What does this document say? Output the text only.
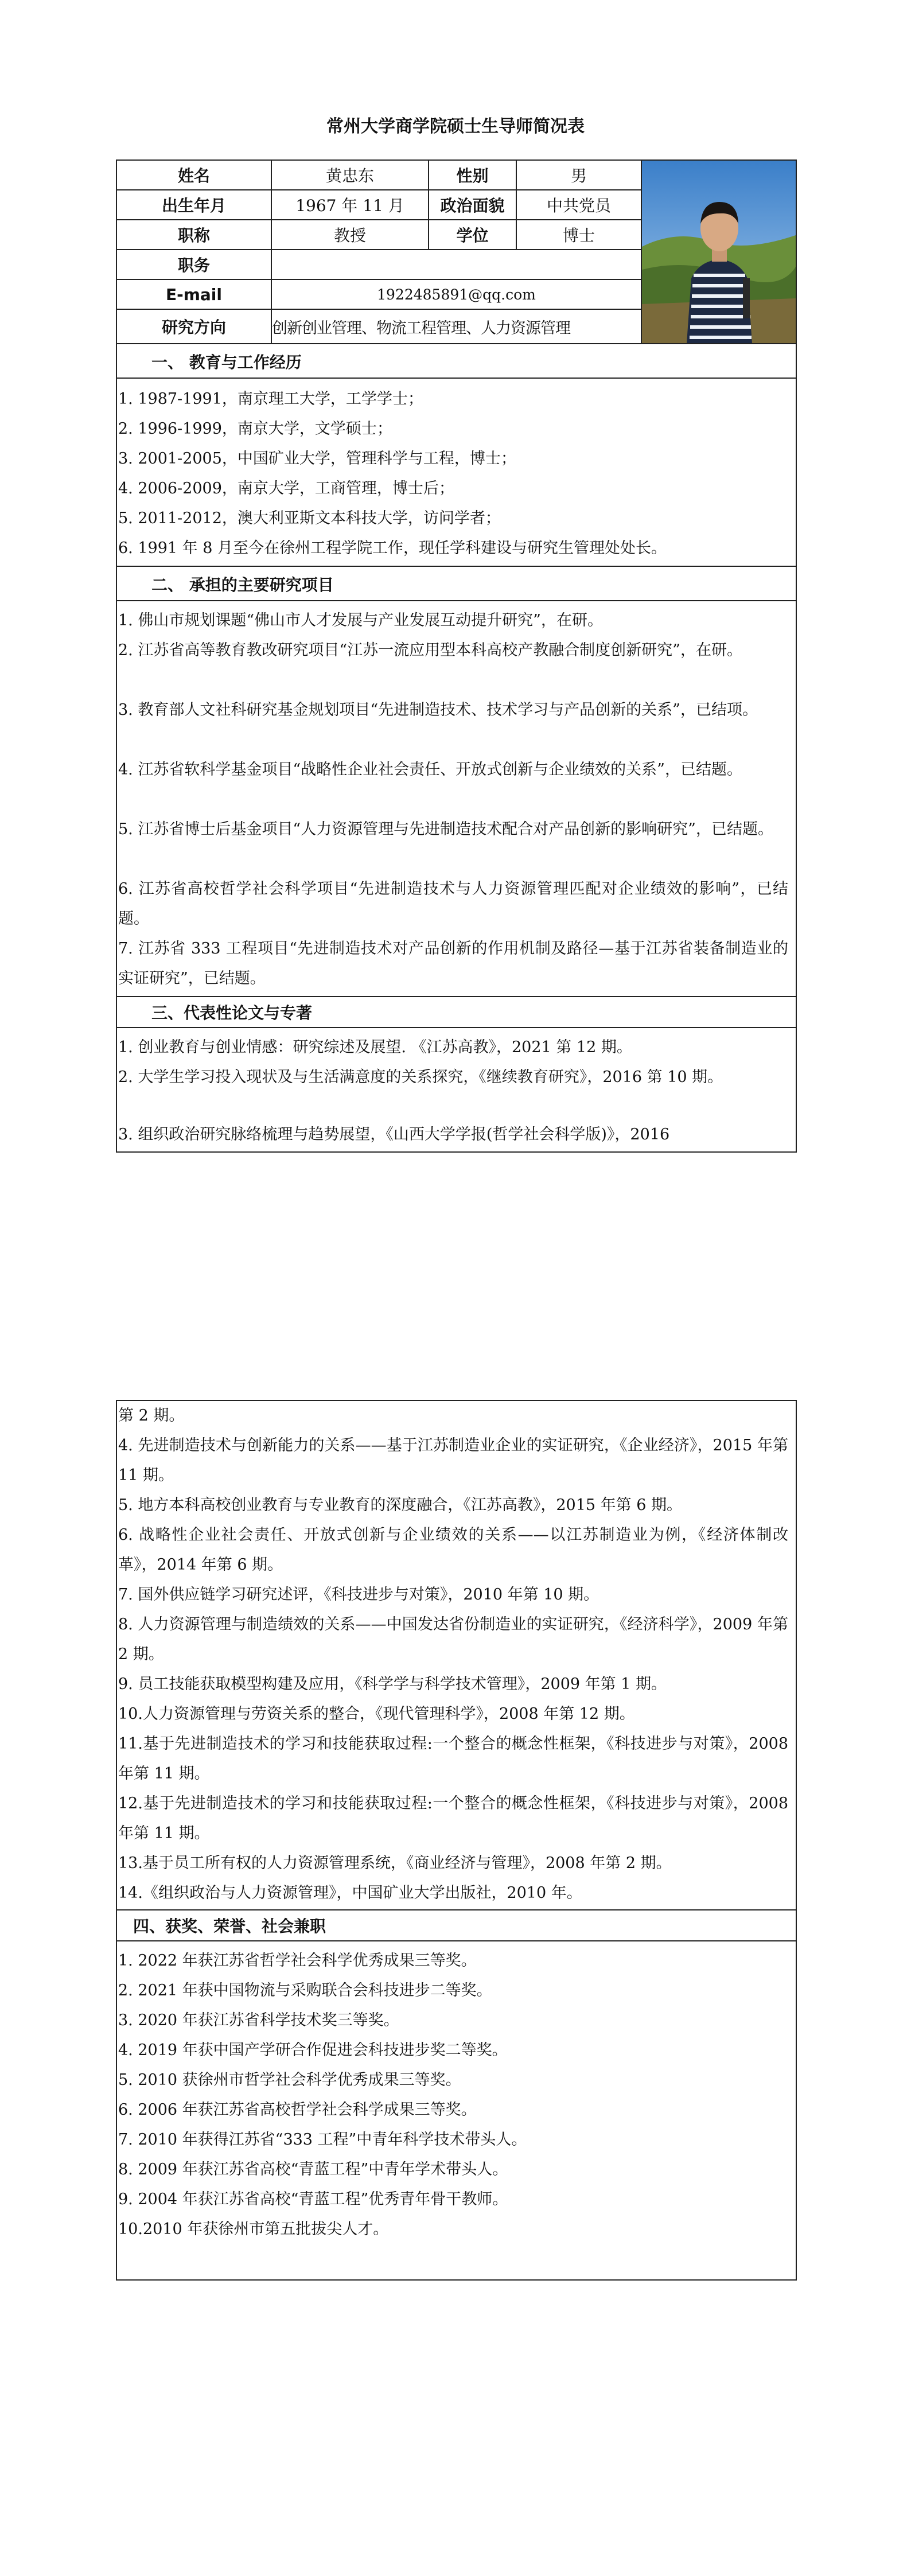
常州大学商学院硕士生导师简况表
姓名	黄忠东	性别	男
出生年月	1967 年 11 月	政治面貌	中共党员
职称	教授	学位	博士
职务
E-mail	1922485891@qq.com
研究方向	创新创业管理、物流工程管理、人力资源管理
一、 教育与工作经历
1. 1987-1991，南京理工大学，工学学士；
2. 1996-1999，南京大学，文学硕士；
3. 2001-2005，中国矿业大学，管理科学与工程，博士；
4. 2006-2009，南京大学，工商管理，博士后；
5. 2011-2012，澳大利亚斯文本科技大学，访问学者；
6. 1991 年 8 月至今在徐州工程学院工作，现任学科建设与研究生管理处处长。
二、 承担的主要研究项目
1. 佛山市规划课题“佛山市人才发展与产业发展互动提升研究”，在研。
2. 江苏省高等教育教改研究项目“江苏一流应用型本科高校产教融合制度创新研究”，在研。
3. 教育部人文社科研究基金规划项目“先进制造技术、技术学习与产品创新的关系”，已结项。
4. 江苏省软科学基金项目“战略性企业社会责任、开放式创新与企业绩效的关系”，已结题。
5. 江苏省博士后基金项目“人力资源管理与先进制造技术配合对产品创新的影响研究”，已结题。
6. 江苏省高校哲学社会科学项目“先进制造技术与人力资源管理匹配对企业绩效的影响”，已结题。
7. 江苏省 333 工程项目“先进制造技术对产品创新的作用机制及路径—基于江苏省装备制造业的实证研究”，已结题。
三、代表性论文与专著
1. 创业教育与创业情感：研究综述及展望. 《江苏高教》，2021 第 12 期。
2. 大学生学习投入现状及与生活满意度的关系探究，《继续教育研究》，2016 第 10 期。
3. 组织政治研究脉络梳理与趋势展望，《山西大学学报(哲学社会科学版)》，2016
第 2 期。
4. 先进制造技术与创新能力的关系——基于江苏制造业企业的实证研究，《企业经济》，2015 年第 11 期。
5. 地方本科高校创业教育与专业教育的深度融合，《江苏高教》，2015 年第 6 期。
6. 战略性企业社会责任、开放式创新与企业绩效的关系——以江苏制造业为例，《经济体制改革》，2014 年第 6 期。
7. 国外供应链学习研究述评，《科技进步与对策》，2010 年第 10 期。
8. 人力资源管理与制造绩效的关系——中国发达省份制造业的实证研究，《经济科学》，2009 年第 2 期。
9. 员工技能获取模型构建及应用，《科学学与科学技术管理》，2009 年第 1 期。
10.人力资源管理与劳资关系的整合，《现代管理科学》，2008 年第 12 期。
11.基于先进制造技术的学习和技能获取过程:一个整合的概念性框架，《科技进步与对策》，2008 年第 11 期。
12.基于先进制造技术的学习和技能获取过程:一个整合的概念性框架，《科技进步与对策》，2008 年第 11 期。
13.基于员工所有权的人力资源管理系统，《商业经济与管理》，2008 年第 2 期。
14.《组织政治与人力资源管理》，中国矿业大学出版社，2010 年。
四、获奖、荣誉、社会兼职
1. 2022 年获江苏省哲学社会科学优秀成果三等奖。
2. 2021 年获中国物流与采购联合会科技进步二等奖。
3. 2020 年获江苏省科学技术奖三等奖。
4. 2019 年获中国产学研合作促进会科技进步奖二等奖。
5. 2010 获徐州市哲学社会科学优秀成果三等奖。
6. 2006 年获江苏省高校哲学社会科学成果三等奖。
7. 2010 年获得江苏省“333 工程”中青年科学技术带头人。
8. 2009 年获江苏省高校“青蓝工程”中青年学术带头人。
9. 2004 年获江苏省高校“青蓝工程”优秀青年骨干教师。
10.2010 年获徐州市第五批拔尖人才。
